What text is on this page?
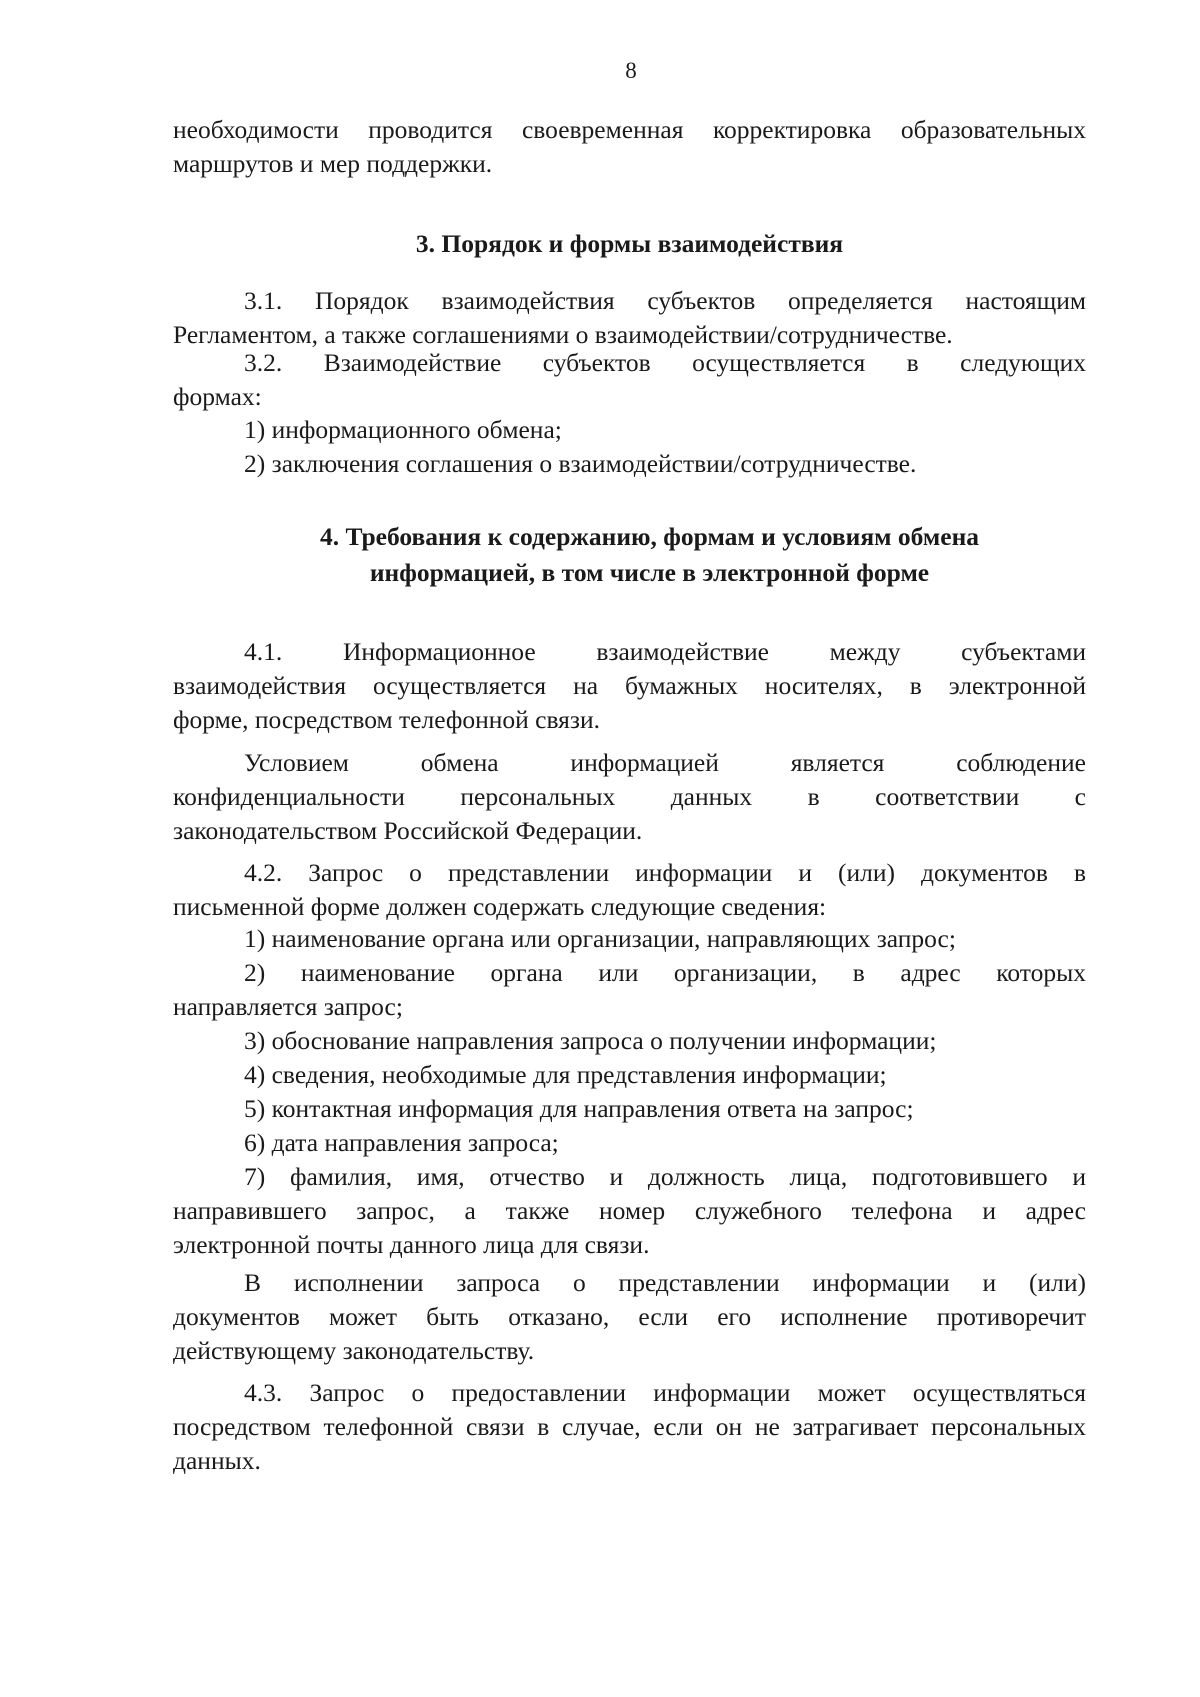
8
необходимости проводится своевременная корректировка образовательных
маршрутов и мер поддержки.
3. Порядок и формы взаимодействия
3.1. Порядок взаимодействия субъектов определяется настоящим
Регламентом, а также соглашениями о взаимодействии/сотрудничестве.
3.2. Взаимодействие субъектов осуществляется в следующих
формах:
1) информационного обмена;
2) заключения соглашения о взаимодействии/сотрудничестве.
4. Требования к содержанию, формам и условиям обмена
информацией, в том числе в электронной форме
4.1. Информационное взаимодействие между субъектами
взаимодействия осуществляется на бумажных носителях, в электронной
форме, посредством телефонной связи.
Условием обмена информацией является соблюдение
конфиденциальности персональных данных в соответствии с
законодательством Российской Федерации.
4.2. Запрос о представлении информации и (или) документов в
письменной форме должен содержать следующие сведения:
1) наименование органа или организации, направляющих запрос;
2) наименование органа или организации, в адрес которых
направляется запрос;
3) обоснование направления запроса о получении информации;
4) сведения, необходимые для представления информации;
5) контактная информация для направления ответа на запрос;
6) дата направления запроса;
7) фамилия, имя, отчество и должность лица, подготовившего и
направившего запрос, а также номер служебного телефона и адрес
электронной почты данного лица для связи.
В исполнении запроса о представлении информации и (или)
документов может быть отказано, если его исполнение противоречит
действующему законодательству.
4.3. Запрос о предоставлении информации может осуществляться
посредством телефонной связи в случае, если он не затрагивает персональных
данных.
